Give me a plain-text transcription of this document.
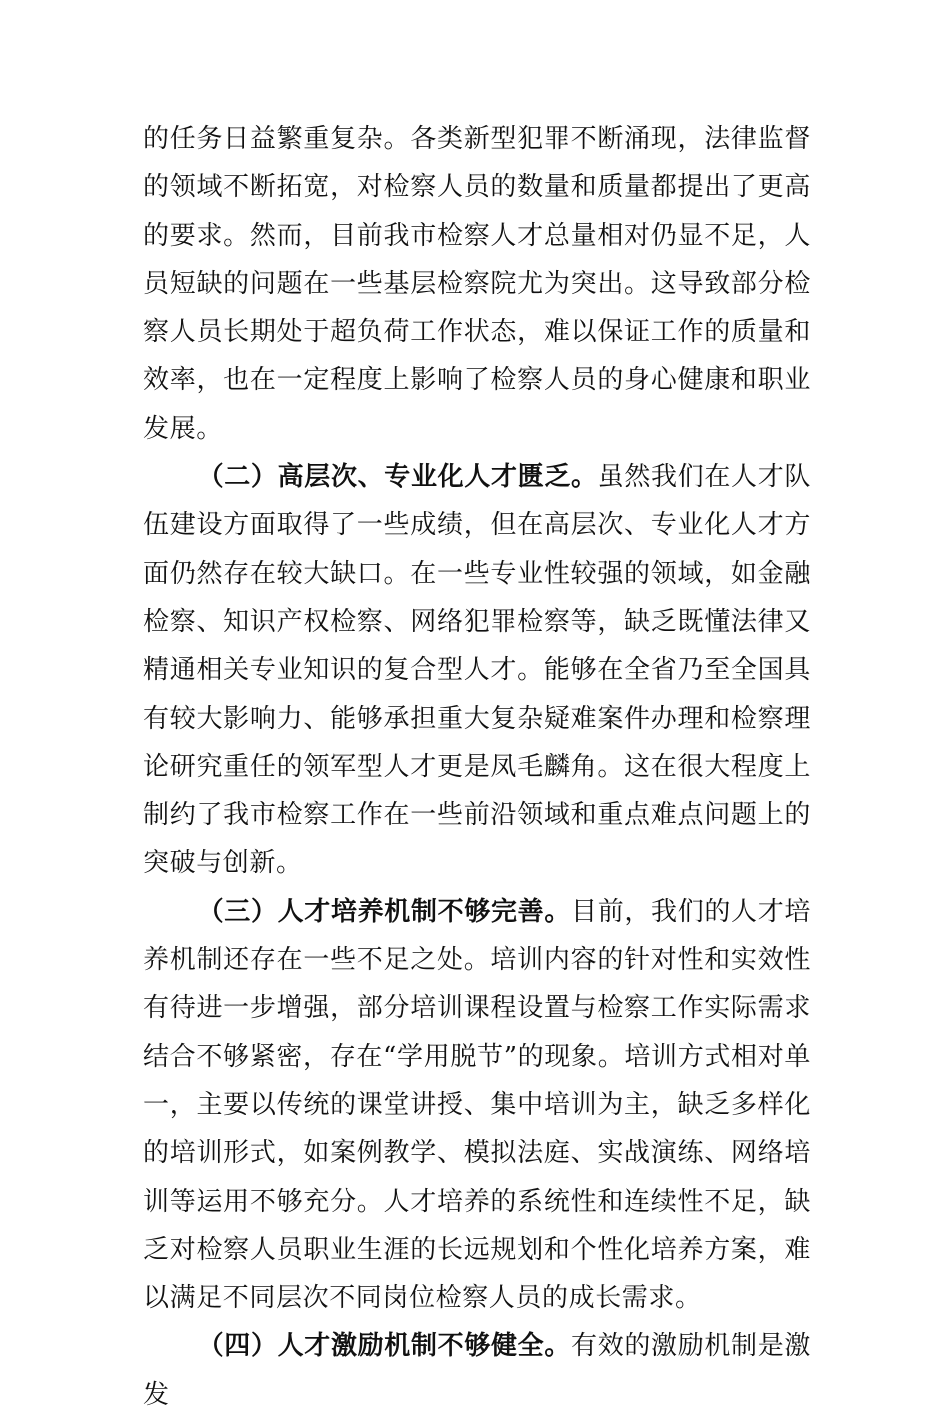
的任务日益繁重复杂。各类新型犯罪不断涌现，法律监督的领域不断拓宽，对检察人员的数量和质量都提出了更高的要求。然而，目前我市检察人才总量相对仍显不足，人员短缺的问题在一些基层检察院尤为突出。这导致部分检察人员长期处于超负荷工作状态，难以保证工作的质量和效率，也在一定程度上影响了检察人员的身心健康和职业发展。

（二）高层次、专业化人才匮乏。虽然我们在人才队伍建设方面取得了一些成绩，但在高层次、专业化人才方面仍然存在较大缺口。在一些专业性较强的领域，如金融检察、知识产权检察、网络犯罪检察等，缺乏既懂法律又精通相关专业知识的复合型人才。能够在全省乃至全国具有较大影响力、能够承担重大复杂疑难案件办理和检察理论研究重任的领军型人才更是凤毛麟角。这在很大程度上制约了我市检察工作在一些前沿领域和重点难点问题上的突破与创新。

（三）人才培养机制不够完善。目前，我们的人才培养机制还存在一些不足之处。培训内容的针对性和实效性有待进一步增强，部分培训课程设置与检察工作实际需求结合不够紧密，存在“学用脱节”的现象。培训方式相对单一，主要以传统的课堂讲授、集中培训为主，缺乏多样化的培训形式，如案例教学、模拟法庭、实战演练、网络培训等运用不够充分。人才培养的系统性和连续性不足，缺乏对检察人员职业生涯的长远规划和个性化培养方案，难以满足不同层次不同岗位检察人员的成长需求。

（四）人才激励机制不够健全。有效的激励机制是激发
